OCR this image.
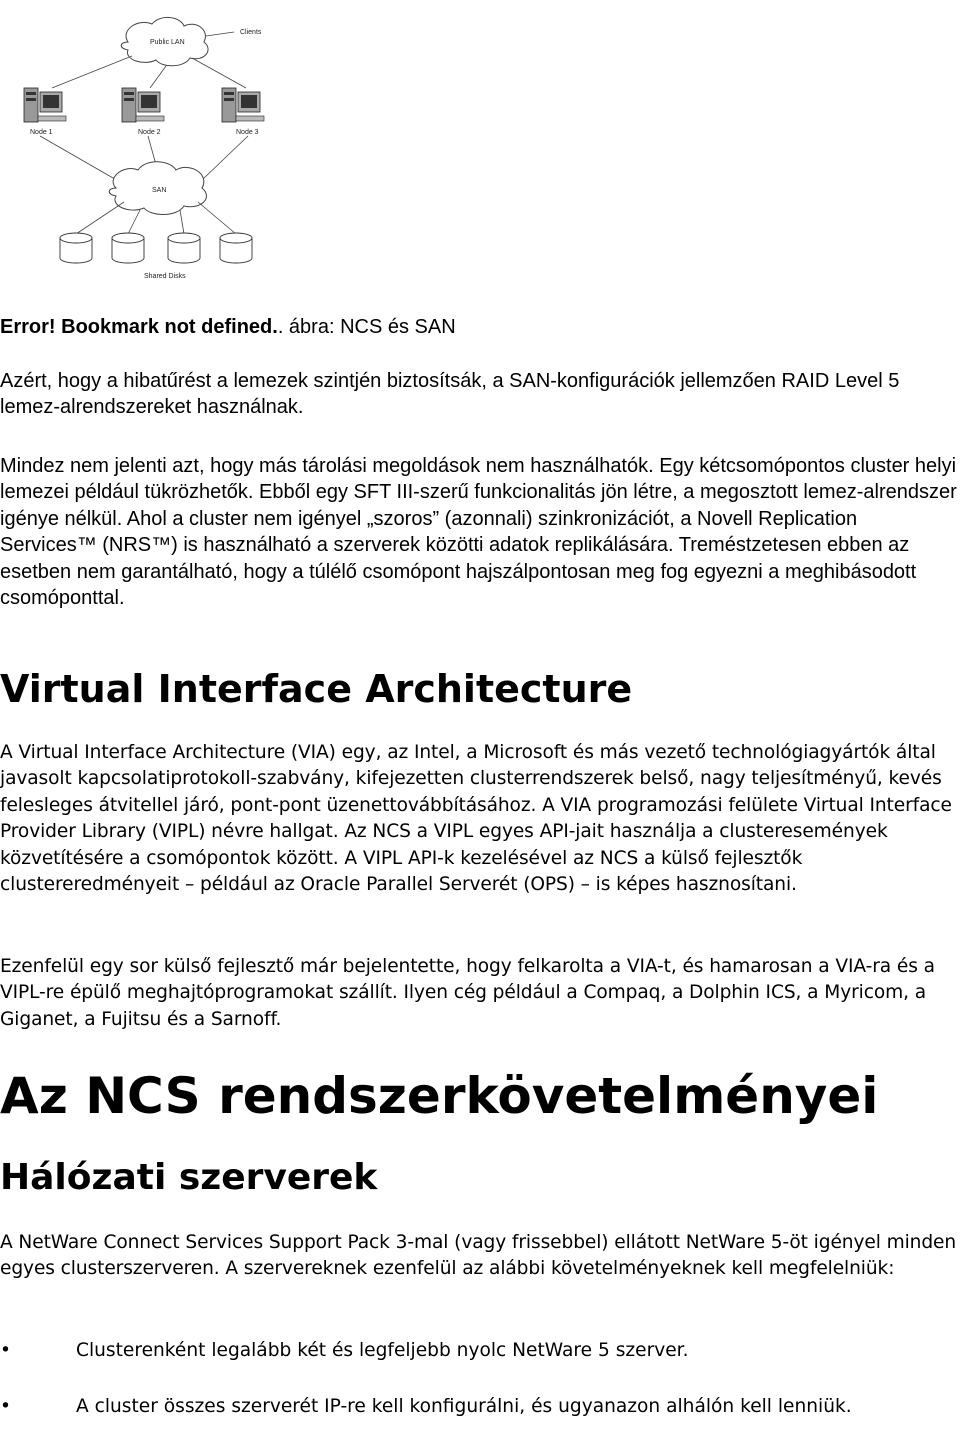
Public LAN
Clients
Node 1	Node 2	Node 3
SAN
Shared Disks
Error! Bookmark not defined.. ábra: NCS és SAN

Azért, hogy a hibatűrést a lemezek szintjén biztosítsák, a SAN-konfigurációk jellemzően RAID Level 5 lemez-alrendszereket használnak.

Mindez nem jelenti azt, hogy más tárolási megoldások nem használhatók. Egy kétcsomópontos cluster helyi lemezei például tükrözhetők. Ebből egy SFT III-szerű funkcionalitás jön létre, a megosztott lemez-alrendszer igénye nélkül. Ahol a cluster nem igényel „szoros” (azonnali) szinkronizációt, a Novell Replication Services™ (NRS™) is használható a szerverek közötti adatok replikálására. Treméstzetesen ebben az esetben nem garantálható, hogy a túlélő csomópont hajszálpontosan meg fog egyezni a meghibásodott csomóponttal.

Virtual Interface Architecture

A Virtual Interface Architecture (VIA) egy, az Intel, a Microsoft és más vezető technológiagyártók által javasolt kapcsolatiprotokoll-szabvány, kifejezetten clusterrendszerek belső, nagy teljesítményű, kevés felesleges átvitellel járó, pont-pont üzenettovábbításához. A VIA programozási felülete Virtual Interface Provider Library (VIPL) névre hallgat. Az NCS a VIPL egyes API-jait használja a clusteresemények közvetítésére a csomópontok között. A VIPL API-k kezelésével az NCS a külső fejlesztők clustereredményeit – például az Oracle Parallel Serverét (OPS) – is képes hasznosítani.

Ezenfelül egy sor külső fejlesztő már bejelentette, hogy felkarolta a VIA-t, és hamarosan a VIA-ra és a VIPL-re épülő meghajtóprogramokat szállít. Ilyen cég például a Compaq, a Dolphin ICS, a Myricom, a Giganet, a Fujitsu és a Sarnoff.

Az NCS rendszerkövetelményei
Hálózati szerverek

A NetWare Connect Services Support Pack 3-mal (vagy frissebbel) ellátott NetWare 5-öt igényel minden egyes clusterszerveren. A szervereknek ezenfelül az alábbi követelményeknek kell megfelelniük:

•	Clusterenként legalább két és legfeljebb nyolc NetWare 5 szerver.
•	A cluster összes szerverét IP-re kell konfigurálni, és ugyanazon alhálón kell lenniük.
